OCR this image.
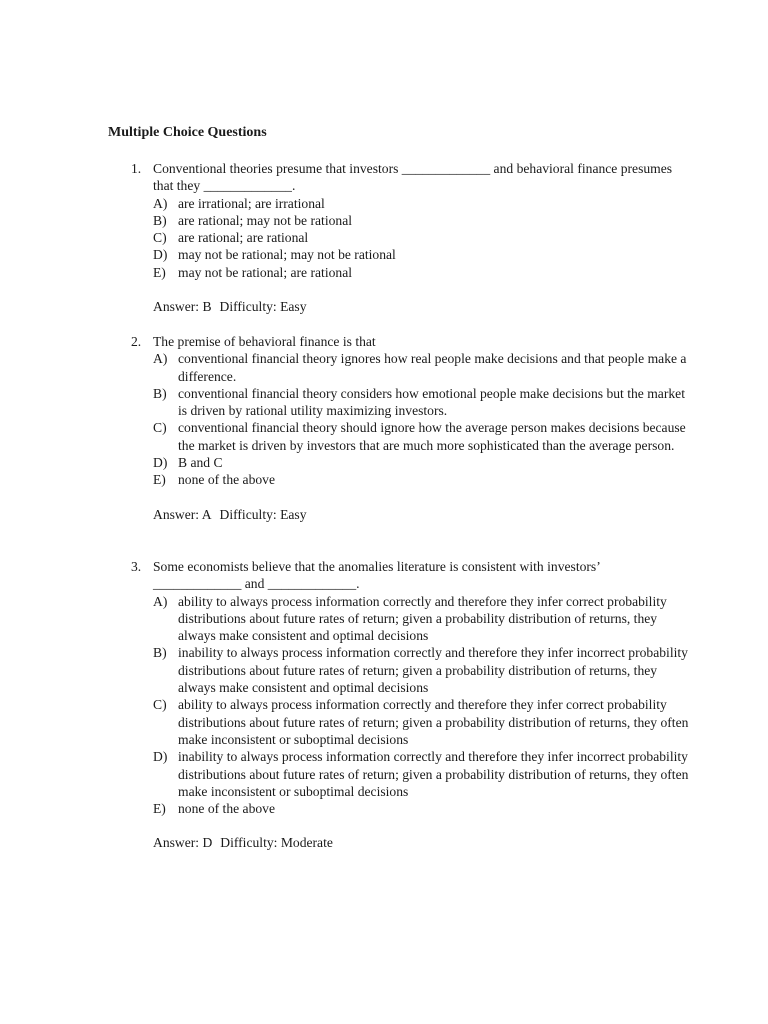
Multiple Choice Questions
1. Conventional theories presume that investors _____________ and behavioral finance presumes that they _____________.
A) are irrational; are irrational
B) are rational; may not be rational
C) are rational; are rational
D) may not be rational; may not be rational
E) may not be rational; are rational
Answer: B Difficulty: Easy
2. The premise of behavioral finance is that
A) conventional financial theory ignores how real people make decisions and that people make a difference.
B) conventional financial theory considers how emotional people make decisions but the market is driven by rational utility maximizing investors.
C) conventional financial theory should ignore how the average person makes decisions because the market is driven by investors that are much more sophisticated than the average person.
D) B and C
E) none of the above
Answer: A Difficulty: Easy
3. Some economists believe that the anomalies literature is consistent with investors’ _____________ and _____________.
A) ability to always process information correctly and therefore they infer correct probability distributions about future rates of return; given a probability distribution of returns, they always make consistent and optimal decisions
B) inability to always process information correctly and therefore they infer incorrect probability distributions about future rates of return; given a probability distribution of returns, they always make consistent and optimal decisions
C) ability to always process information correctly and therefore they infer correct probability distributions about future rates of return; given a probability distribution of returns, they often make inconsistent or suboptimal decisions
D) inability to always process information correctly and therefore they infer incorrect probability distributions about future rates of return; given a probability distribution of returns, they often make inconsistent or suboptimal decisions
E) none of the above
Answer: D Difficulty: Moderate
